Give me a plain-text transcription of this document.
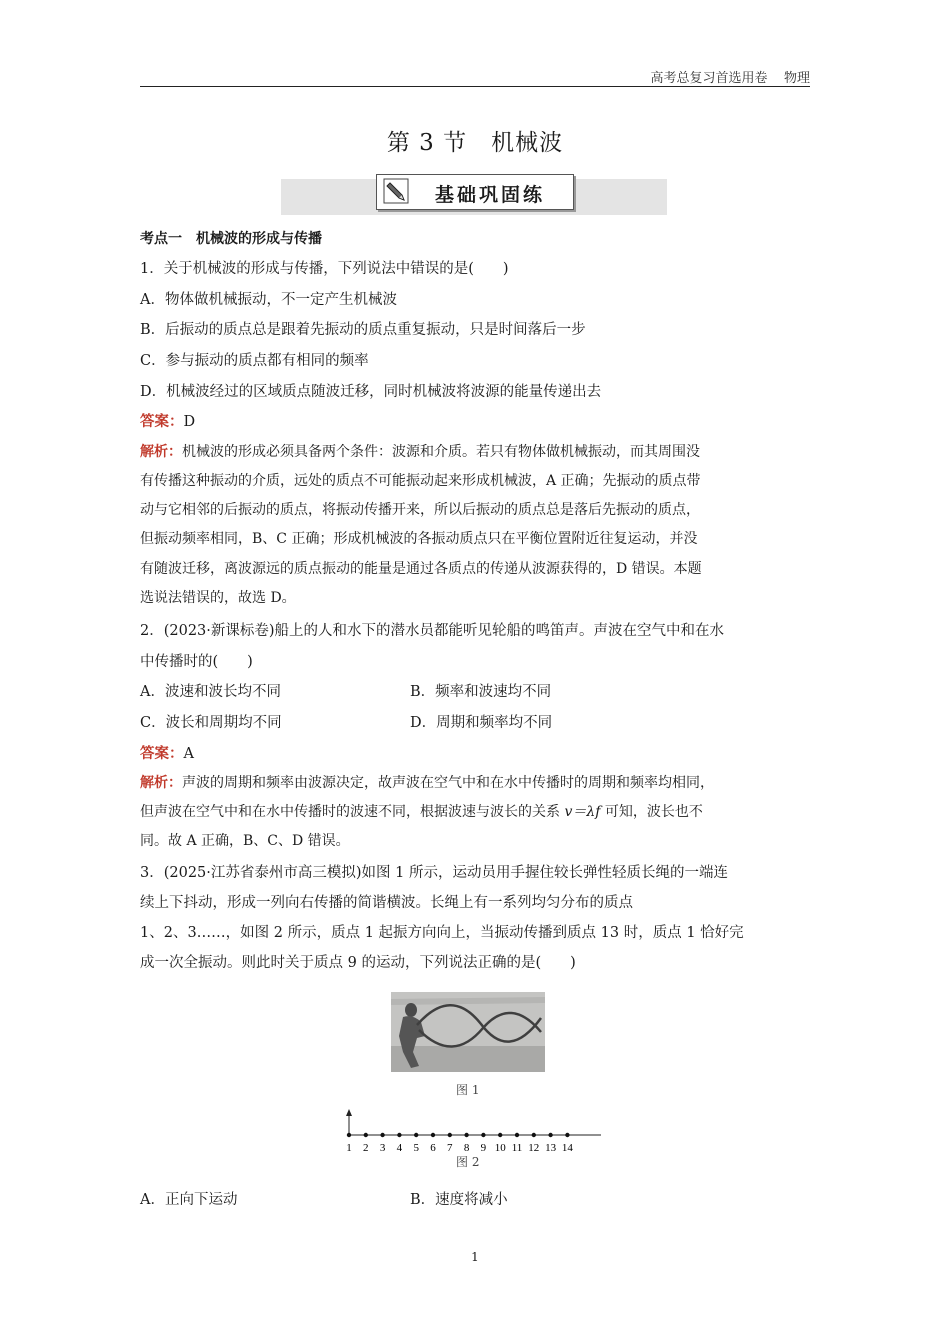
高考总复习首选用卷 物理
第 3 节　机械波
基础巩固练
考点一　机械波的形成与传播
1．关于机械波的形成与传播，下列说法中错误的是(　　)
A．物体做机械振动，不一定产生机械波
B．后振动的质点总是跟着先振动的质点重复振动，只是时间落后一步
C．参与振动的质点都有相同的频率
D．机械波经过的区域质点随波迁移，同时机械波将波源的能量传递出去
答案：D
解析：机械波的形成必须具备两个条件：波源和介质。若只有物体做机械振动，而其周围没
有传播这种振动的介质，远处的质点不可能振动起来形成机械波，A 正确；先振动的质点带
动与它相邻的后振动的质点，将振动传播开来，所以后振动的质点总是落后先振动的质点，
但振动频率相同，B、C 正确；形成机械波的各振动质点只在平衡位置附近往复运动，并没
有随波迁移，离波源远的质点振动的能量是通过各质点的传递从波源获得的，D 错误。本题
选说法错误的，故选 D。
2．(2023·新课标卷)船上的人和水下的潜水员都能听见轮船的鸣笛声。声波在空气中和在水
中传播时的(　　)
A．波速和波长均不同	B．频率和波速均不同
C．波长和周期均不同	D．周期和频率均不同
答案：A
解析：声波的周期和频率由波源决定，故声波在空气中和在水中传播时的周期和频率均相同，
但声波在空气中和在水中传播时的波速不同，根据波速与波长的关系 v＝λf 可知，波长也不
同。故 A 正确，B、C、D 错误。
3．(2025·江苏省泰州市高三模拟)如图 1 所示，运动员用手握住较长弹性轻质长绳的一端连
续上下抖动，形成一列向右传播的简谐横波。长绳上有一系列均匀分布的质点
1、2、3……，如图 2 所示，质点 1 起振方向向上，当振动传播到质点 13 时，质点 1 恰好完
成一次全振动。则此时关于质点 9 的运动，下列说法正确的是(　　)
图 1
1 2 3 4 5 6 7 8 9 10 11 12 13 14
图 2
A．正向下运动	B．速度将减小
1
